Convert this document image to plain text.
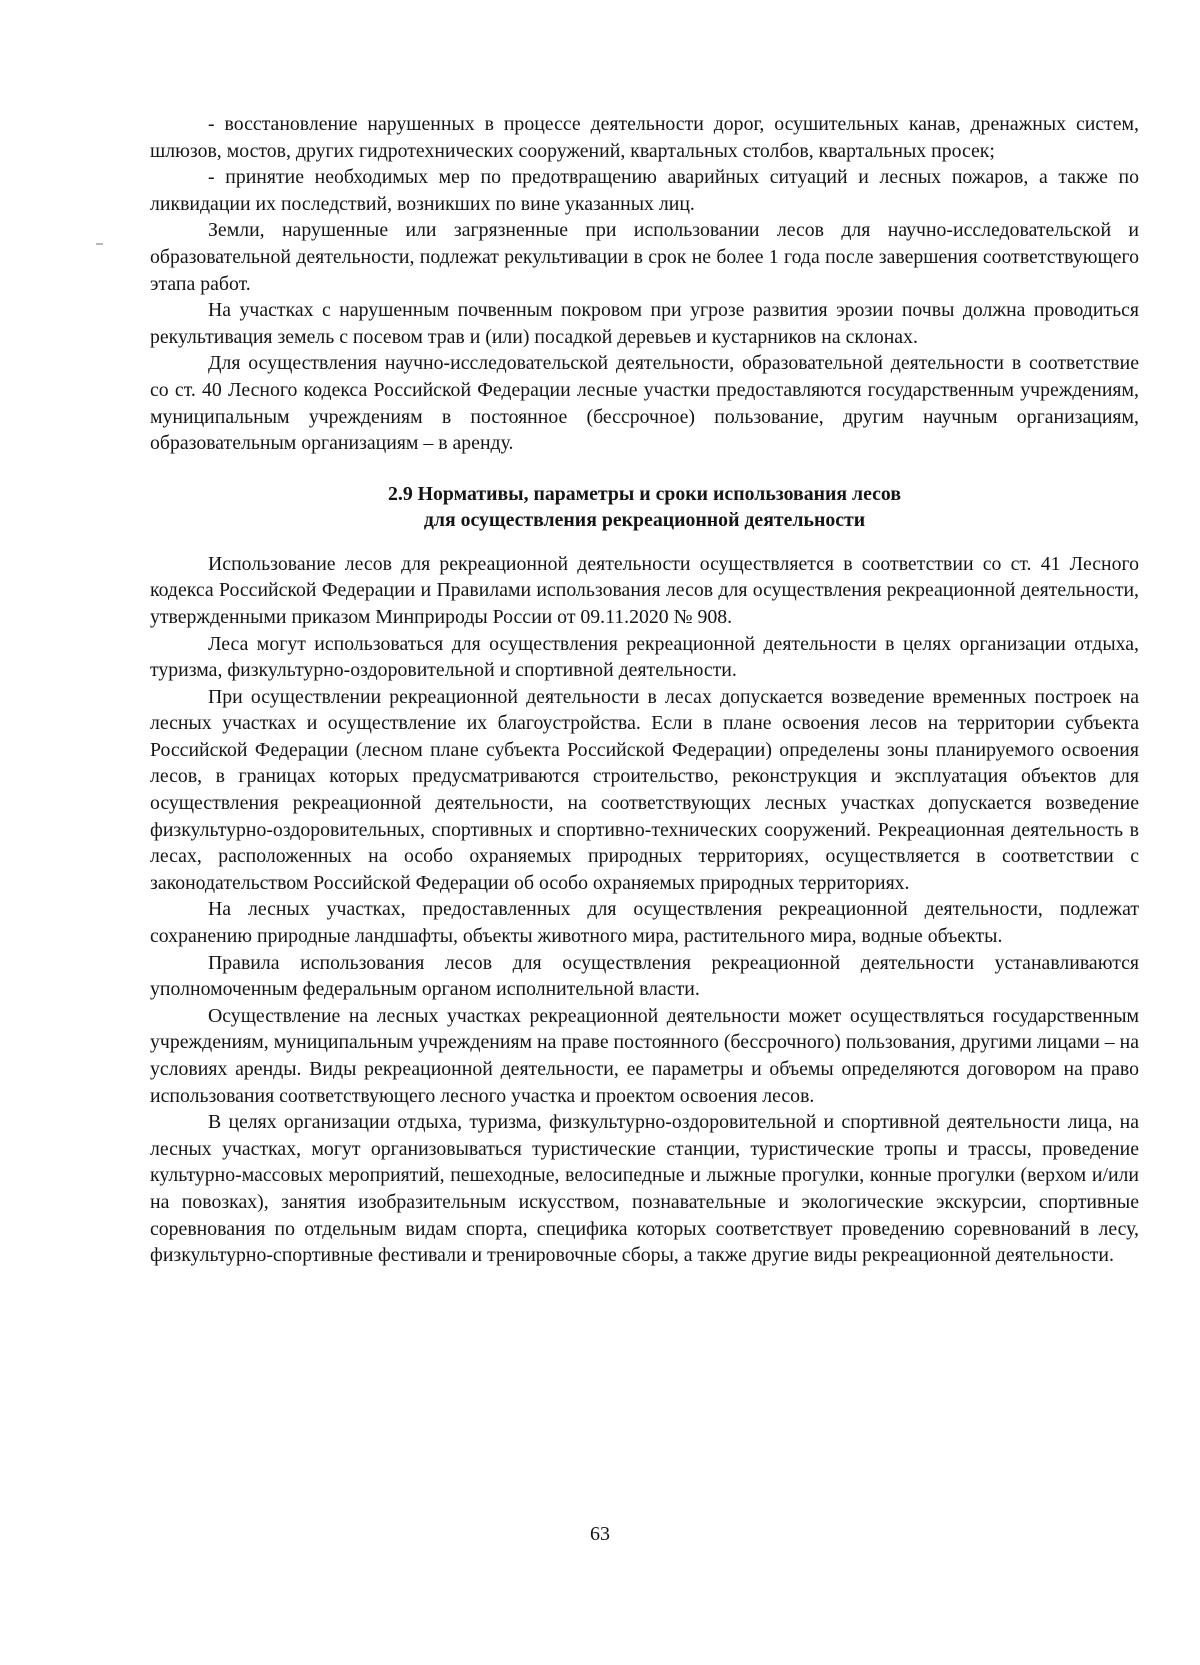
- восстановление нарушенных в процессе деятельности дорог, осушительных канав, дренажных систем, шлюзов, мостов, других гидротехнических сооружений, квартальных столбов, квартальных просек;

- принятие необходимых мер по предотвращению аварийных ситуаций и лесных пожаров, а также по ликвидации их последствий, возникших по вине указанных лиц.

Земли, нарушенные или загрязненные при использовании лесов для научно-исследовательской и образовательной деятельности, подлежат рекультивации в срок не более 1 года после завершения соответствующего этапа работ.

На участках с нарушенным почвенным покровом при угрозе развития эрозии почвы должна проводиться рекультивация земель с посевом трав и (или) посадкой деревьев и кустарников на склонах.

Для осуществления научно-исследовательской деятельности, образовательной деятельности в соответствие со ст. 40 Лесного кодекса Российской Федерации лесные участки предоставляются государственным учреждениям, муниципальным учреждениям в постоянное (бессрочное) пользование, другим научным организациям, образовательным организациям – в аренду.

2.9 Нормативы, параметры и сроки использования лесов
для осуществления рекреационной деятельности

Использование лесов для рекреационной деятельности осуществляется в соответствии со ст. 41 Лесного кодекса Российской Федерации и Правилами использования лесов для осуществления рекреационной деятельности, утвержденными приказом Минприроды России от 09.11.2020 № 908.

Леса могут использоваться для осуществления рекреационной деятельности в целях организации отдыха, туризма, физкультурно-оздоровительной и спортивной деятельности.

При осуществлении рекреационной деятельности в лесах допускается возведение временных построек на лесных участках и осуществление их благоустройства. Если в плане освоения лесов на территории субъекта Российской Федерации (лесном плане субъекта Российской Федерации) определены зоны планируемого освоения лесов, в границах которых предусматриваются строительство, реконструкция и эксплуатация объектов для осуществления рекреационной деятельности, на соответствующих лесных участках допускается возведение физкультурно-оздоровительных, спортивных и спортивно-технических сооружений. Рекреационная деятельность в лесах, расположенных на особо охраняемых природных территориях, осуществляется в соответствии с законодательством Российской Федерации об особо охраняемых природных территориях.

На лесных участках, предоставленных для осуществления рекреационной деятельности, подлежат сохранению природные ландшафты, объекты животного мира, растительного мира, водные объекты.

Правила использования лесов для осуществления рекреационной деятельности устанавливаются уполномоченным федеральным органом исполнительной власти.

Осуществление на лесных участках рекреационной деятельности может осуществляться государственным учреждениям, муниципальным учреждениям на праве постоянного (бессрочного) пользования, другими лицами – на условиях аренды. Виды рекреационной деятельности, ее параметры и объемы определяются договором на право использования соответствующего лесного участка и проектом освоения лесов.

В целях организации отдыха, туризма, физкультурно-оздоровительной и спортивной деятельности лица, на лесных участках, могут организовываться туристические станции, туристические тропы и трассы, проведение культурно-массовых мероприятий, пешеходные, велосипедные и лыжные прогулки, конные прогулки (верхом и/или на повозках), занятия изобразительным искусством, познавательные и экологические экскурсии, спортивные соревнования по отдельным видам спорта, специфика которых соответствует проведению соревнований в лесу, физкультурно-спортивные фестивали и тренировочные сборы, а также другие виды рекреационной деятельности.

63
